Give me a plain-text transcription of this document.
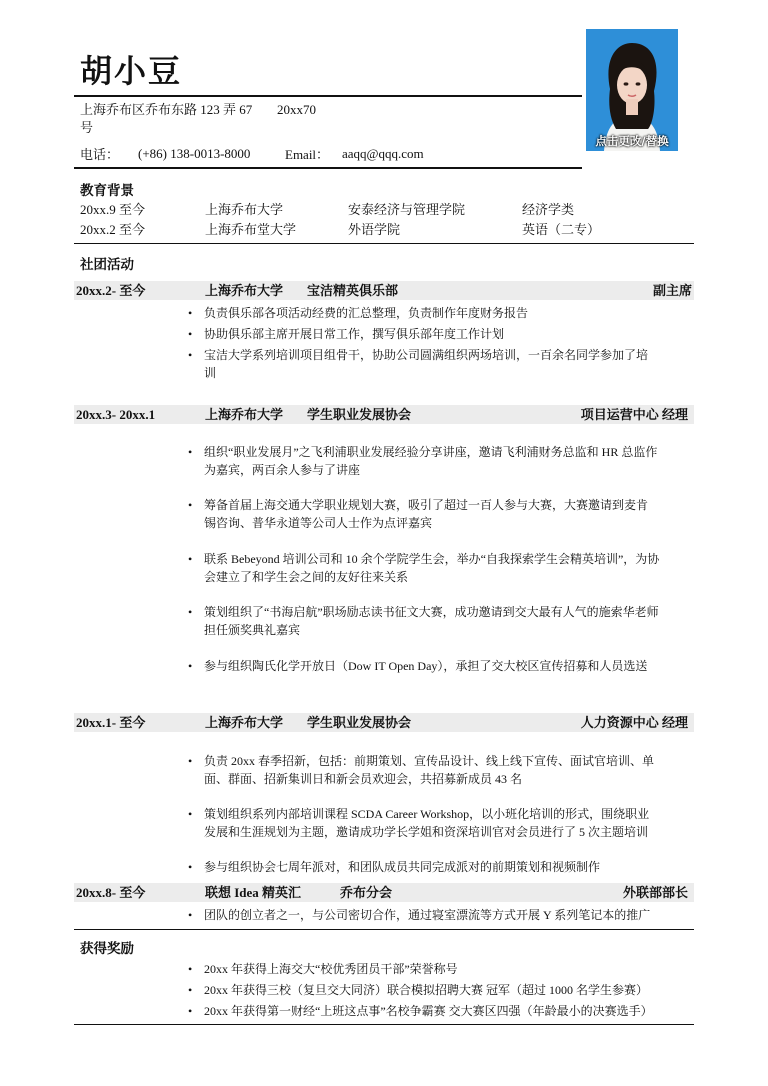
胡小豆
上海乔布区乔布东路 123 弄 67
号
20xx70
电话： (+86) 138-0013-8000	Email： aaqq@qqq.com
点击更改/替换
教育背景
20xx.9 至今	上海乔布大学	安泰经济与管理学院	经济学类
20xx.2 至今	上海乔布堂大学	外语学院	英语（二专）
社团活动
20xx.2- 至今	上海乔布大学 宝洁精英俱乐部	副主席
• 负责俱乐部各项活动经费的汇总整理，负责制作年度财务报告
• 协助俱乐部主席开展日常工作，撰写俱乐部年度工作计划
• 宝洁大学系列培训项目组骨干，协助公司圆满组织两场培训，一百余名同学参加了培
训
20xx.3- 20xx.1	上海乔布大学 学生职业发展协会	项目运营中心 经理
• 组织“职业发展月”之飞利浦职业发展经验分享讲座，邀请飞利浦财务总监和 HR 总监作
为嘉宾，两百余人参与了讲座
• 筹备首届上海交通大学职业规划大赛，吸引了超过一百人参与大赛，大赛邀请到麦肯
锡咨询、普华永道等公司人士作为点评嘉宾
• 联系 Bebeyond 培训公司和 10 余个学院学生会，举办“自我探索学生会精英培训”，为协
会建立了和学生会之间的友好往来关系
• 策划组织了“书海启航”职场励志读书征文大赛，成功邀请到交大最有人气的施索华老师
担任颁奖典礼嘉宾
• 参与组织陶氏化学开放日（Dow IT Open Day），承担了交大校区宣传招募和人员选送
20xx.1- 至今	上海乔布大学 学生职业发展协会	人力资源中心 经理
• 负责 20xx 春季招新，包括：前期策划、宣传品设计、线上线下宣传、面试官培训、单
面、群面、招新集训日和新会员欢迎会，共招募新成员 43 名
• 策划组织系列内部培训课程 SCDA Career Workshop，以小班化培训的形式，围绕职业
发展和生涯规划为主题，邀请成功学长学姐和资深培训官对会员进行了 5 次主题培训
• 参与组织协会七周年派对，和团队成员共同完成派对的前期策划和视频制作
20xx.8- 至今	联想 Idea 精英汇	乔布分会	外联部部长
• 团队的创立者之一，与公司密切合作，通过寝室漂流等方式开展 Y 系列笔记本的推广
获得奖励
• 20xx 年获得上海交大“校优秀团员干部”荣誉称号
• 20xx 年获得三校（复旦交大同济）联合模拟招聘大赛 冠军（超过 1000 名学生参赛）
• 20xx 年获得第一财经“上班这点事”名校争霸赛 交大赛区四强（年龄最小的决赛选手）
